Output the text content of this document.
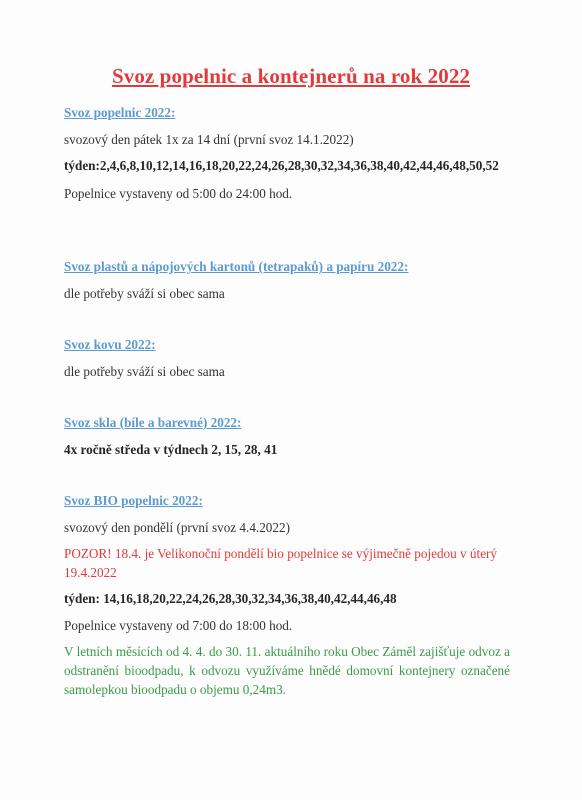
Svoz popelnic a kontejnerů na rok 2022

Svoz popelnic 2022:

svozový den pátek 1x za 14 dní (první svoz 14.1.2022)

týden:2,4,6,8,10,12,14,16,18,20,22,24,26,28,30,32,34,36,38,40,42,44,46,48,50,52

Popelnice vystaveny od 5:00 do 24:00 hod.

Svoz plastů a nápojových kartonů (tetrapaků) a papíru 2022:

dle potřeby sváží si obec sama

Svoz kovu 2022:

dle potřeby sváží si obec sama

Svoz skla (bíle a barevné) 2022:

4x ročně středa v týdnech 2, 15, 28, 41

Svoz BIO popelnic 2022:

svozový den pondělí (první svoz 4.4.2022)

POZOR! 18.4. je Velikonoční pondělí bio popelnice se výjimečně pojedou v úterý 19.4.2022

týden: 14,16,18,20,22,24,26,28,30,32,34,36,38,40,42,44,46,48

Popelnice vystaveny od 7:00 do 18:00 hod.

V letních měsících od 4. 4. do 30. 11. aktuálního roku Obec Záměl zajišťuje odvoz a odstranění bioodpadu, k odvozu využíváme hnědé domovní kontejnery označené samolepkou bioodpadu o objemu 0,24m3.
